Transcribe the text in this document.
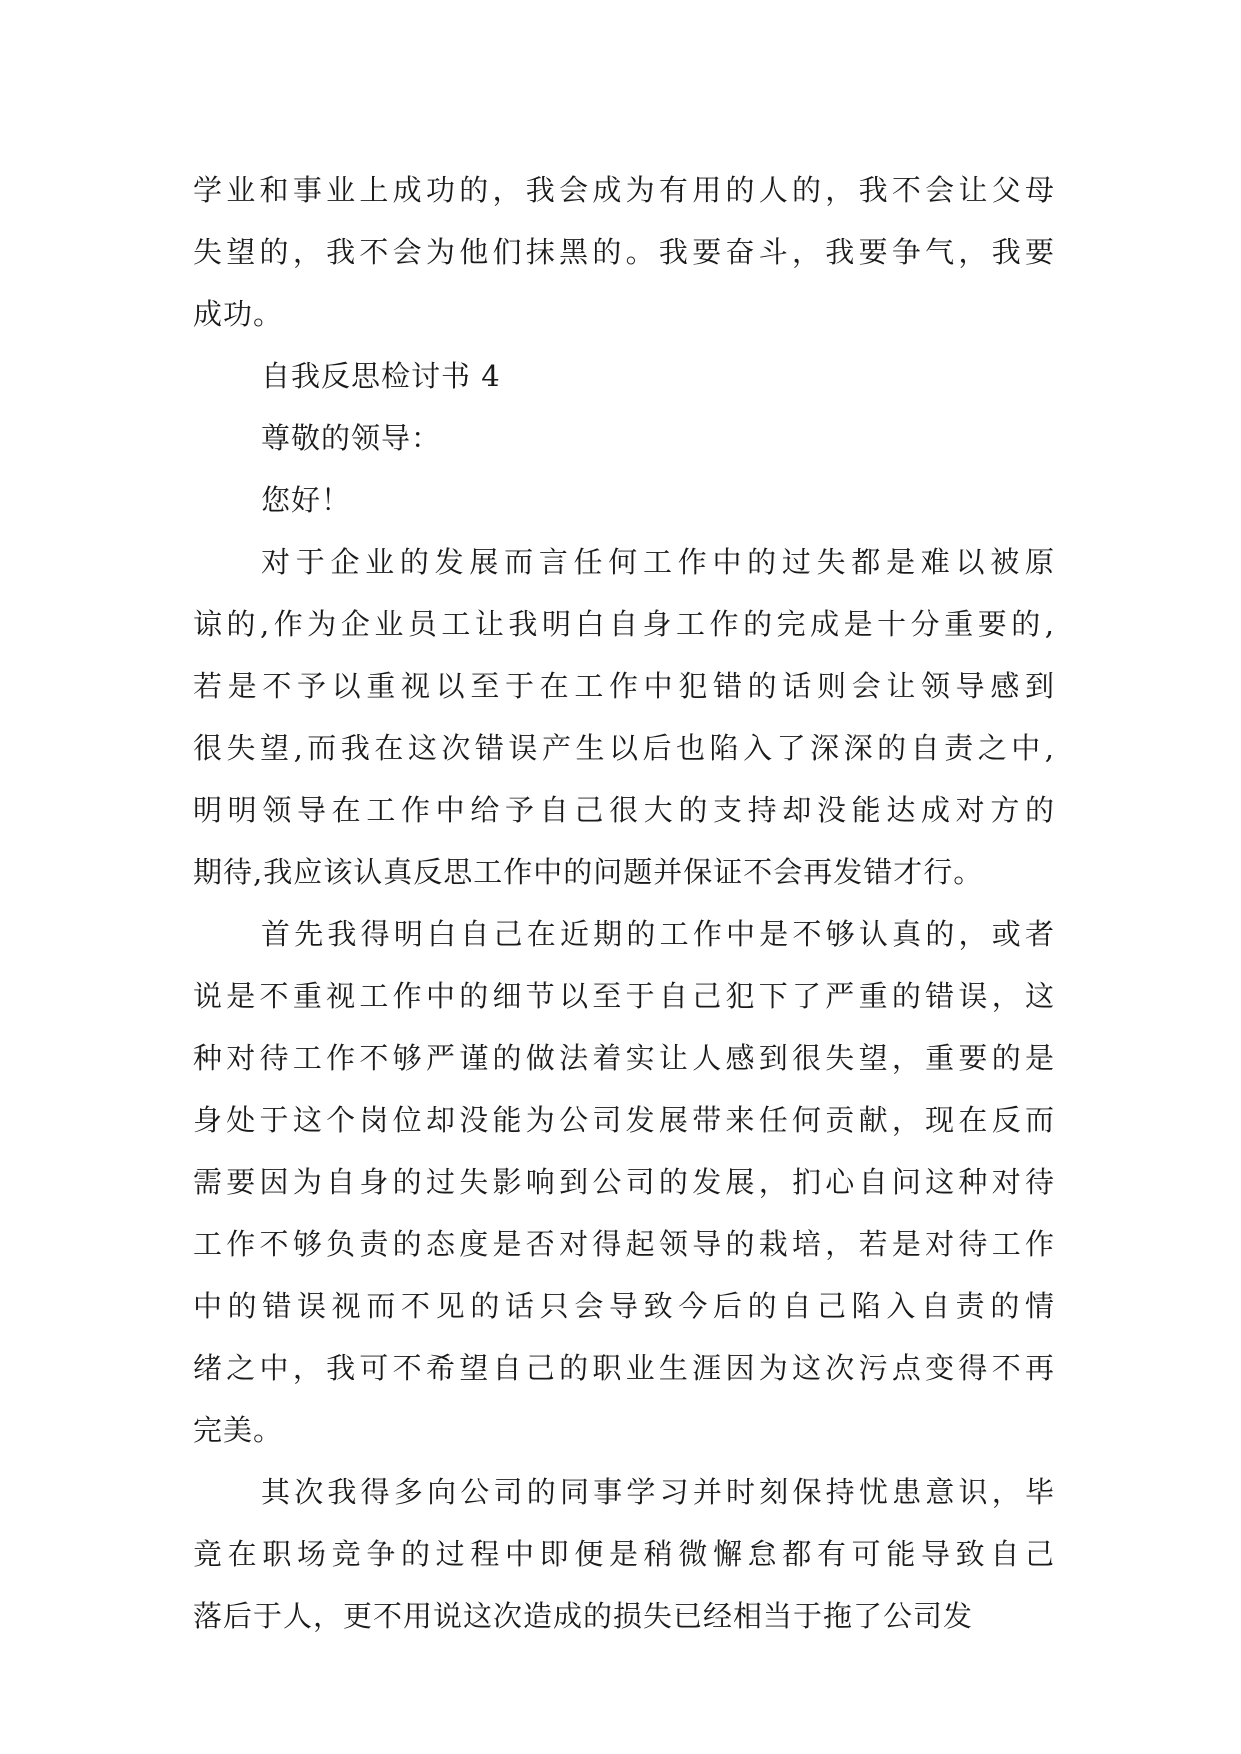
学业和事业上成功的，我会成为有用的人的，我不会让父母
失望的，我不会为他们抹黑的。我要奋斗，我要争气，我要
成功。
自我反思检讨书 4
尊敬的领导：
您好！
对于企业的发展而言任何工作中的过失都是难以被原
谅的,作为企业员工让我明白自身工作的完成是十分重要的,
若是不予以重视以至于在工作中犯错的话则会让领导感到
很失望,而我在这次错误产生以后也陷入了深深的自责之中,
明明领导在工作中给予自己很大的支持却没能达成对方的
期待,我应该认真反思工作中的问题并保证不会再发错才行。
首先我得明白自己在近期的工作中是不够认真的，或者
说是不重视工作中的细节以至于自己犯下了严重的错误，这
种对待工作不够严谨的做法着实让人感到很失望，重要的是
身处于这个岗位却没能为公司发展带来任何贡献，现在反而
需要因为自身的过失影响到公司的发展，扪心自问这种对待
工作不够负责的态度是否对得起领导的栽培，若是对待工作
中的错误视而不见的话只会导致今后的自己陷入自责的情
绪之中，我可不希望自己的职业生涯因为这次污点变得不再
完美。
其次我得多向公司的同事学习并时刻保持忧患意识，毕
竟在职场竞争的过程中即便是稍微懈怠都有可能导致自己
落后于人，更不用说这次造成的损失已经相当于拖了公司发
